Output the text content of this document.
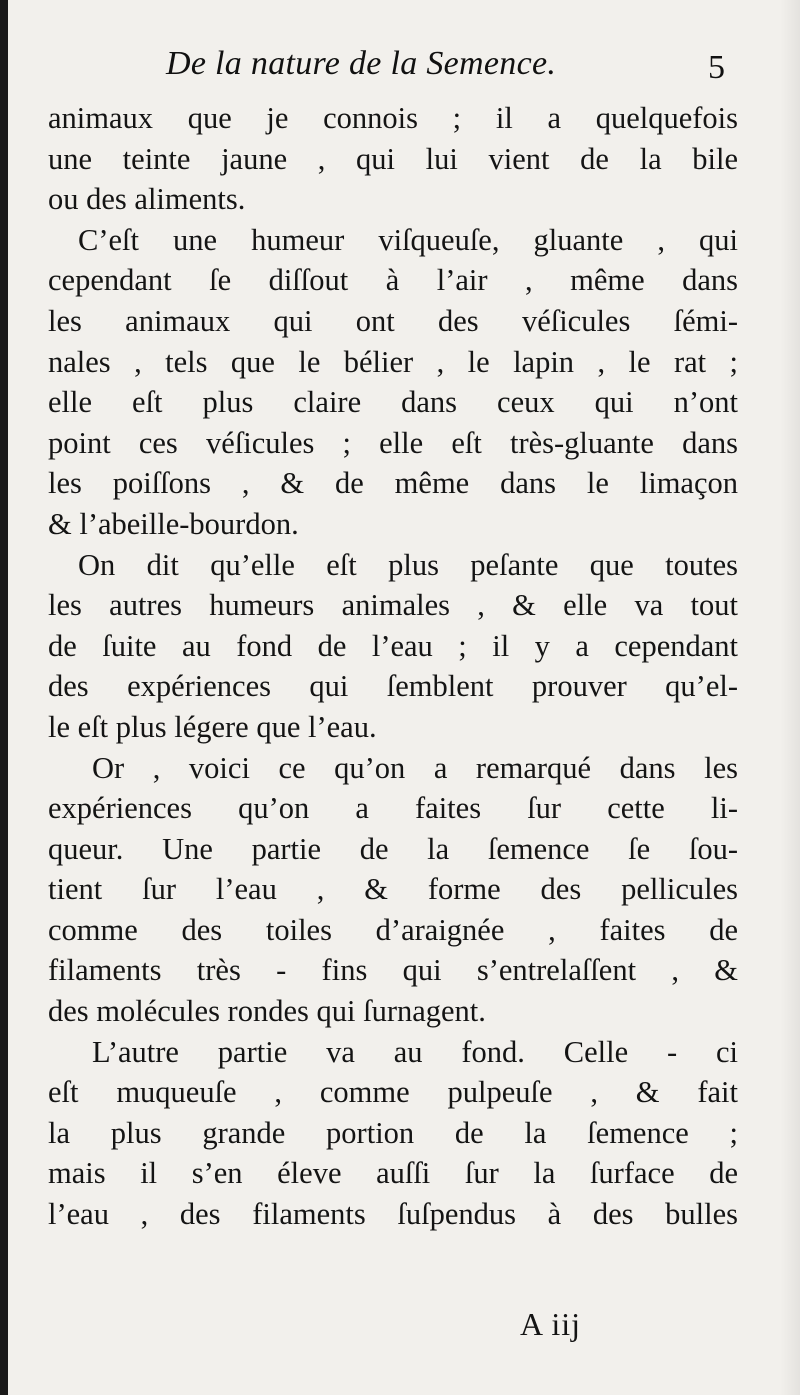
De la nature de la Semence.	5
animaux que je connois ; il a quelquefois
une teinte jaune , qui lui vient de la bile
ou des aliments.
C’eſt une humeur viſqueuſe, gluante , qui
cependant ſe diſſout à l’air , même dans
les animaux qui ont des véſicules ſémi-
nales , tels que le bélier , le lapin , le rat ;
elle eſt plus claire dans ceux qui n’ont
point ces véſicules ; elle eſt très-gluante dans
les poiſſons , & de même dans le limaçon
& l’abeille-bourdon.
On dit qu’elle eſt plus peſante que toutes
les autres humeurs animales , & elle va tout
de ſuite au fond de l’eau ; il y a cependant
des expériences qui ſemblent prouver qu’el-
le eſt plus légere que l’eau.
Or , voici ce qu’on a remarqué dans les
expériences qu’on a faites ſur cette li-
queur. Une partie de la ſemence ſe ſou-
tient ſur l’eau , & forme des pellicules
comme des toiles d’araignée , faites de
filaments très - fins qui s’entrelaſſent , &
des molécules rondes qui ſurnagent.
L’autre partie va au fond. Celle - ci
eſt muqueuſe , comme pulpeuſe , & fait
la plus grande portion de la ſemence ;
mais il s’en éleve auſſi ſur la ſurface de
l’eau , des filaments ſuſpendus à des bulles
A iij
